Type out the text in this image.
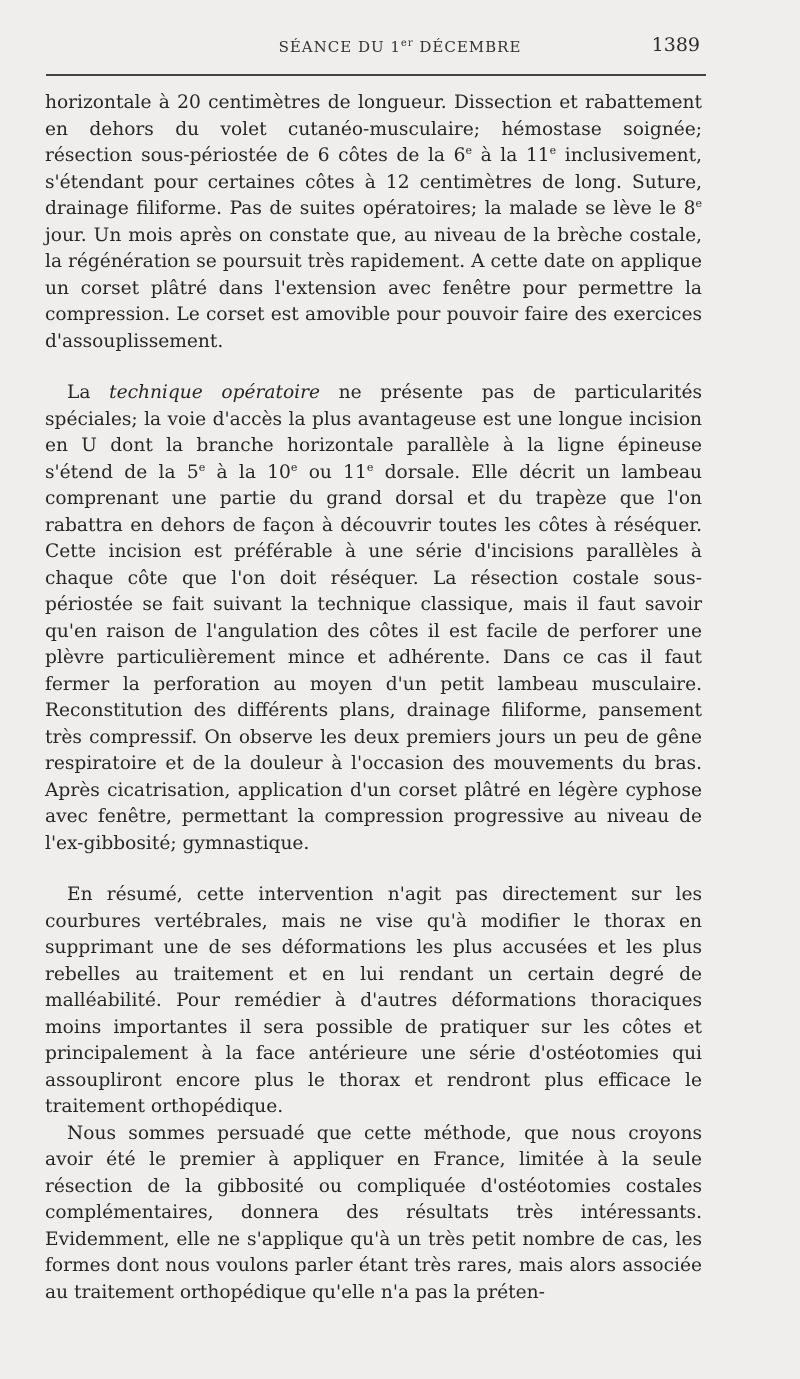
SÉANCE DU 1er DÉCEMBRE	1389

horizontale à 20 centimètres de longueur. Dissection et rabattement en dehors du volet cutanéo-musculaire; hémostase soignée; résection sous-périostée de 6 côtes de la 6e à la 11e inclusivement, s'étendant pour certaines côtes à 12 centimètres de long. Suture, drainage filiforme. Pas de suites opératoires; la malade se lève le 8e jour. Un mois après on constate que, au niveau de la brèche costale, la régénération se poursuit très rapidement. A cette date on applique un corset plâtré dans l'extension avec fenêtre pour permettre la compression. Le corset est amovible pour pouvoir faire des exercices d'assouplissement.

La technique opératoire ne présente pas de particularités spéciales; la voie d'accès la plus avantageuse est une longue incision en U dont la branche horizontale parallèle à la ligne épineuse s'étend de la 5e à la 10e ou 11e dorsale. Elle décrit un lambeau comprenant une partie du grand dorsal et du trapèze que l'on rabattra en dehors de façon à découvrir toutes les côtes à réséquer. Cette incision est préférable à une série d'incisions parallèles à chaque côte que l'on doit réséquer. La résection costale sous-périostée se fait suivant la technique classique, mais il faut savoir qu'en raison de l'angulation des côtes il est facile de perforer une plèvre particulièrement mince et adhérente. Dans ce cas il faut fermer la perforation au moyen d'un petit lambeau musculaire. Reconstitution des différents plans, drainage filiforme, pansement très compressif. On observe les deux premiers jours un peu de gêne respiratoire et de la douleur à l'occasion des mouvements du bras. Après cicatrisation, application d'un corset plâtré en légère cyphose avec fenêtre, permettant la compression progressive au niveau de l'ex-gibbosité; gymnastique.

En résumé, cette intervention n'agit pas directement sur les courbures vertébrales, mais ne vise qu'à modifier le thorax en supprimant une de ses déformations les plus accusées et les plus rebelles au traitement et en lui rendant un certain degré de malléabilité. Pour remédier à d'autres déformations thoraciques moins importantes il sera possible de pratiquer sur les côtes et principalement à la face antérieure une série d'ostéotomies qui assoupliront encore plus le thorax et rendront plus efficace le traitement orthopédique.

Nous sommes persuadé que cette méthode, que nous croyons avoir été le premier à appliquer en France, limitée à la seule résection de la gibbosité ou compliquée d'ostéotomies costales complémentaires, donnera des résultats très intéressants. Evidemment, elle ne s'applique qu'à un très petit nombre de cas, les formes dont nous voulons parler étant très rares, mais alors associée au traitement orthopédique qu'elle n'a pas la préten-
